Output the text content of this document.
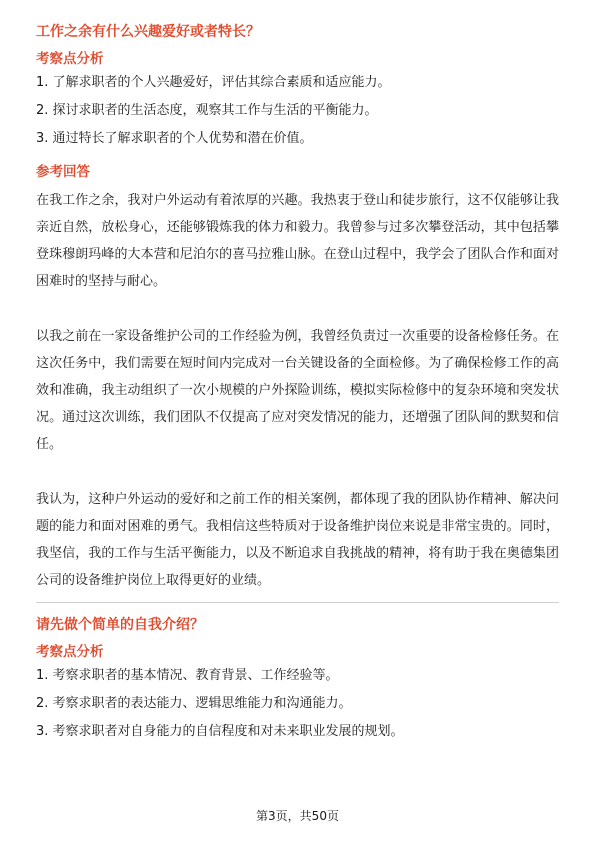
工作之余有什么兴趣爱好或者特长？
考察点分析
1. 了解求职者的个人兴趣爱好，评估其综合素质和适应能力。
2. 探讨求职者的生活态度，观察其工作与生活的平衡能力。
3. 通过特长了解求职者的个人优势和潜在价值。
参考回答

在我工作之余，我对户外运动有着浓厚的兴趣。我热衷于登山和徒步旅行，这不仅能够让我亲近自然，放松身心，还能够锻炼我的体力和毅力。我曾参与过多次攀登活动，其中包括攀登珠穆朗玛峰的大本营和尼泊尔的喜马拉雅山脉。在登山过程中，我学会了团队合作和面对困难时的坚持与耐心。

以我之前在一家设备维护公司的工作经验为例，我曾经负责过一次重要的设备检修任务。在这次任务中，我们需要在短时间内完成对一台关键设备的全面检修。为了确保检修工作的高效和准确，我主动组织了一次小规模的户外探险训练，模拟实际检修中的复杂环境和突发状况。通过这次训练，我们团队不仅提高了应对突发情况的能力，还增强了团队间的默契和信任。

我认为，这种户外运动的爱好和之前工作的相关案例，都体现了我的团队协作精神、解决问题的能力和面对困难的勇气。我相信这些特质对于设备维护岗位来说是非常宝贵的。同时，我坚信，我的工作与生活平衡能力，以及不断追求自我挑战的精神，将有助于我在奥德集团公司的设备维护岗位上取得更好的业绩。

请先做个简单的自我介绍？
考察点分析
1. 考察求职者的基本情况、教育背景、工作经验等。
2. 考察求职者的表达能力、逻辑思维能力和沟通能力。
3. 考察求职者对自身能力的自信程度和对未来职业发展的规划。
第3页，共50页
